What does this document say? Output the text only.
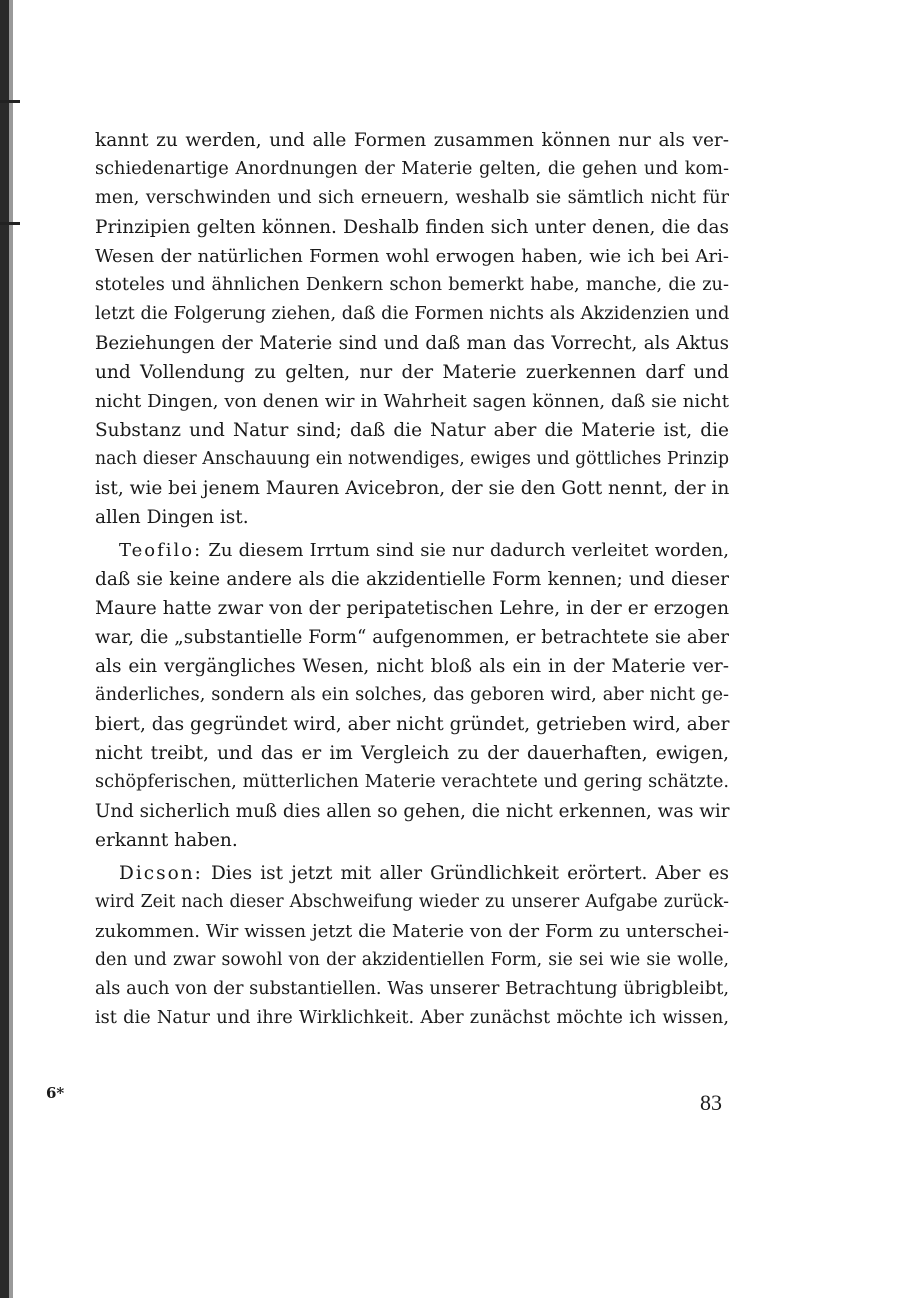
kannt zu werden, und alle Formen zusammen können nur als ver-
schiedenartige Anordnungen der Materie gelten, die gehen und kom-
men, verschwinden und sich erneuern, weshalb sie sämtlich nicht für
Prinzipien gelten können. Deshalb finden sich unter denen, die das
Wesen der natürlichen Formen wohl erwogen haben, wie ich bei Ari-
stoteles und ähnlichen Denkern schon bemerkt habe, manche, die zu-
letzt die Folgerung ziehen, daß die Formen nichts als Akzidenzien und
Beziehungen der Materie sind und daß man das Vorrecht, als Aktus
und Vollendung zu gelten, nur der Materie zuerkennen darf und
nicht Dingen, von denen wir in Wahrheit sagen können, daß sie nicht
Substanz und Natur sind; daß die Natur aber die Materie ist, die
nach dieser Anschauung ein notwendiges, ewiges und göttliches Prinzip
ist, wie bei jenem Mauren Avicebron, der sie den Gott nennt, der in
allen Dingen ist.
Teofilo: Zu diesem Irrtum sind sie nur dadurch verleitet worden,
daß sie keine andere als die akzidentielle Form kennen; und dieser
Maure hatte zwar von der peripatetischen Lehre, in der er erzogen
war, die „substantielle Form“ aufgenommen, er betrachtete sie aber
als ein vergängliches Wesen, nicht bloß als ein in der Materie ver-
änderliches, sondern als ein solches, das geboren wird, aber nicht ge-
biert, das gegründet wird, aber nicht gründet, getrieben wird, aber
nicht treibt, und das er im Vergleich zu der dauerhaften, ewigen,
schöpferischen, mütterlichen Materie verachtete und gering schätzte.
Und sicherlich muß dies allen so gehen, die nicht erkennen, was wir
erkannt haben.
Dicson: Dies ist jetzt mit aller Gründlichkeit erörtert. Aber es
wird Zeit nach dieser Abschweifung wieder zu unserer Aufgabe zurück-
zukommen. Wir wissen jetzt die Materie von der Form zu unterschei-
den und zwar sowohl von der akzidentiellen Form, sie sei wie sie wolle,
als auch von der substantiellen. Was unserer Betrachtung übrigbleibt,
ist die Natur und ihre Wirklichkeit. Aber zunächst möchte ich wissen,
6*	83
